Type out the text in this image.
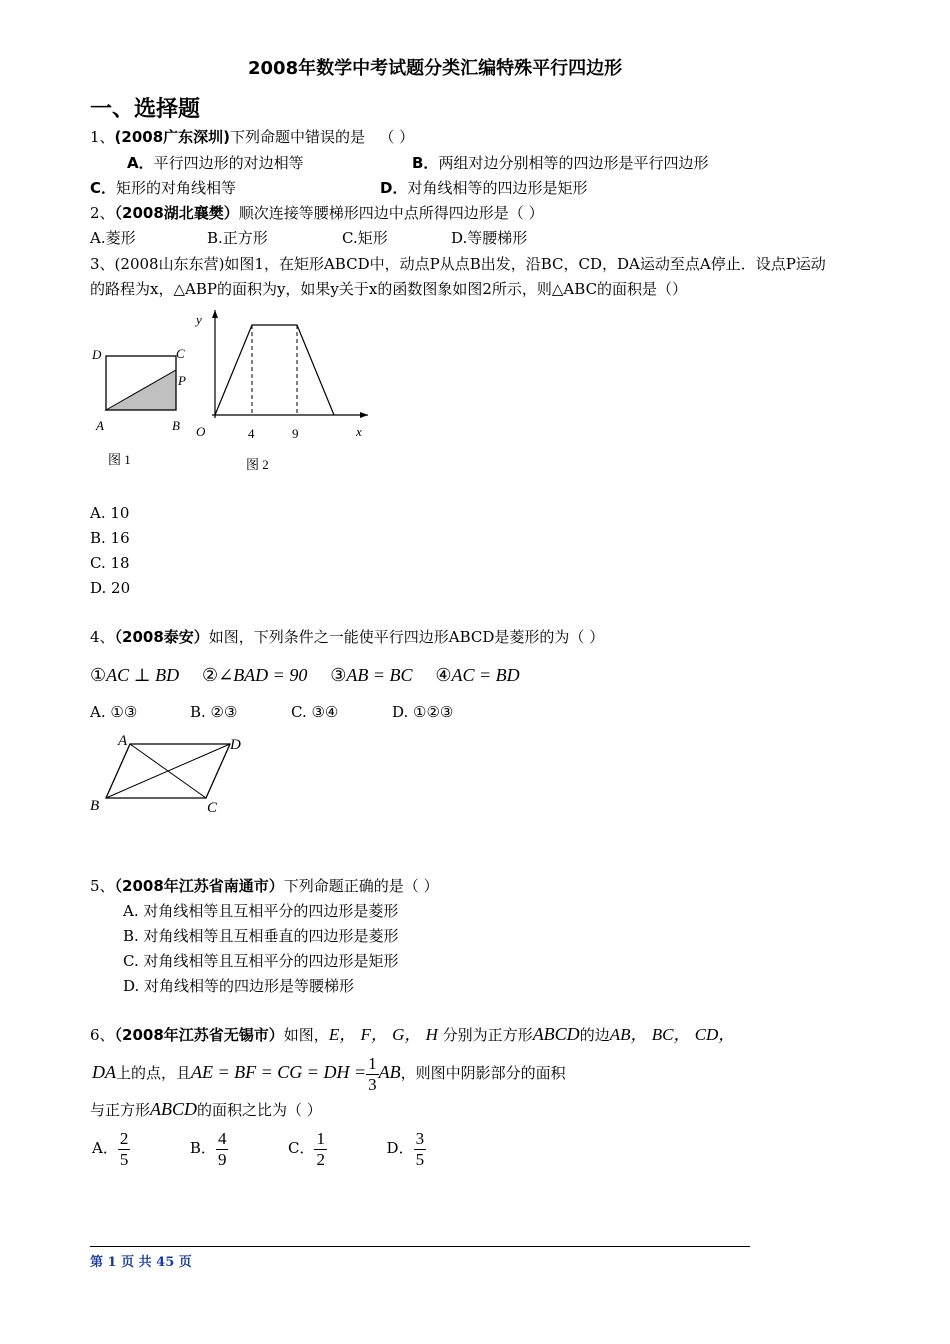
2008年数学中考试题分类汇编特殊平行四边形
一、选择题
1、(2008广东深圳)下列命题中错误的是 （ ）
A．平行四边形的对边相等	B．两组对边分别相等的四边形是平行四边形
C．矩形的对角线相等	D．对角线相等的四边形是矩形
2、（2008湖北襄樊）顺次连接等腰梯形四边中点所得四边形是（ ）
A.菱形	B.正方形	C.矩形	D.等腰梯形
3、(2008山东东营)如图1，在矩形ABCD中，动点P从点B出发，沿BC，CD，DA运动至点A停止．设点P运动
的路程为x，△ABP的面积为y，如果y关于x的函数图象如图2所示，则△ABC的面积是（）
D	C
P
A	B
图 1
y
O	4	9	x
图 2
A. 10
B. 16
C. 18
D. 20
4、（2008泰安）如图，下列条件之一能使平行四边形ABCD是菱形的为（ ）
①AC ⊥ BD ②∠BAD = 90 ③AB = BC ④AC = BD
A. ①③	B. ②③	C. ③④	D. ①②③
A	D
B	C
5、（2008年江苏省南通市）下列命题正确的是（ ）
A. 对角线相等且互相平分的四边形是菱形
B. 对角线相等且互相垂直的四边形是菱形
C. 对角线相等且互相平分的四边形是矩形
D. 对角线相等的四边形是等腰梯形
6、（2008年江苏省无锡市）如图，E， F， G， H 分别为正方形ABCD的边AB， BC， CD，
DA上的点，且AE = BF = CG = DH = $\frac{1}{3}$ AB，则图中阴影部分的面积
与正方形ABCD的面积之比为（ ）
A． $\frac{2}{5}$	B． $\frac{4}{9}$	C． $\frac{1}{2}$	D． $\frac{3}{5}$
第 1 页 共 45 页
